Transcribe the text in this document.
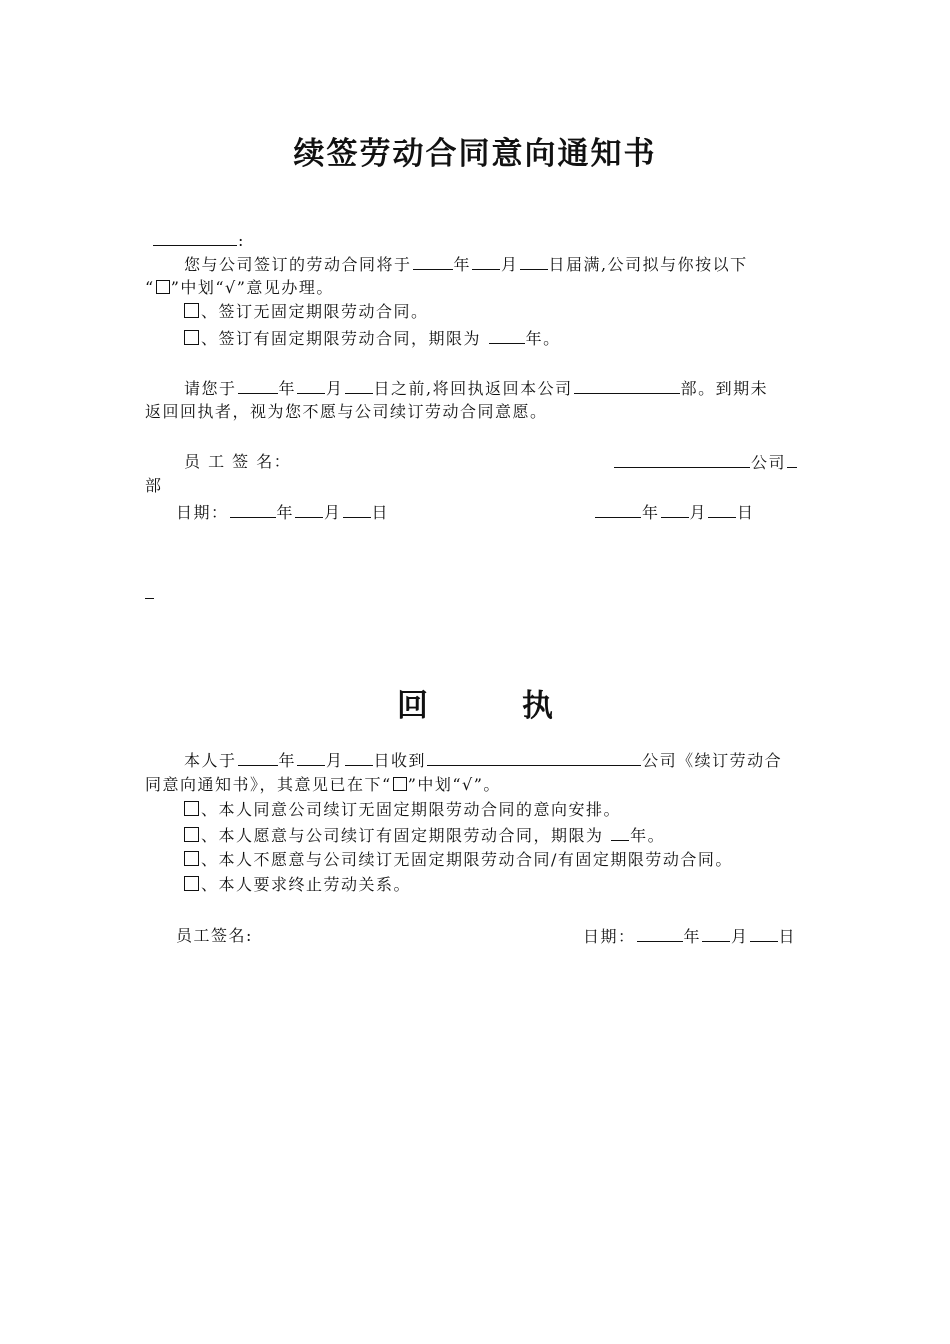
续签劳动合同意向通知书
:
您与公司签订的劳动合同将于	年 月 日届满,公司拟与你按以下
“ ”中划“√”意见办理。
、签订无固定期限劳动合同。
、签订有固定期限劳动合同，期限为	年。
请您于	年 月 日之前,将回执返回本公司	部。到期未
返回回执者，视为您不愿与公司续订劳动合同意愿。
员 工 签 名：	公司
部
日期：	年 月 日	年 月 日
回	执
本人于	年 月 日收到	公司《续订劳动合
同意向通知书》，其意见已在下“ ”中划“√”。
、本人同意公司续订无固定期限劳动合同的意向安排。
、本人愿意与公司续订有固定期限劳动合同，期限为 年。
、本人不愿意与公司续订无固定期限劳动合同/有固定期限劳动合同。
、本人要求终止劳动关系。
员工签名:	日期：	年 月 日
